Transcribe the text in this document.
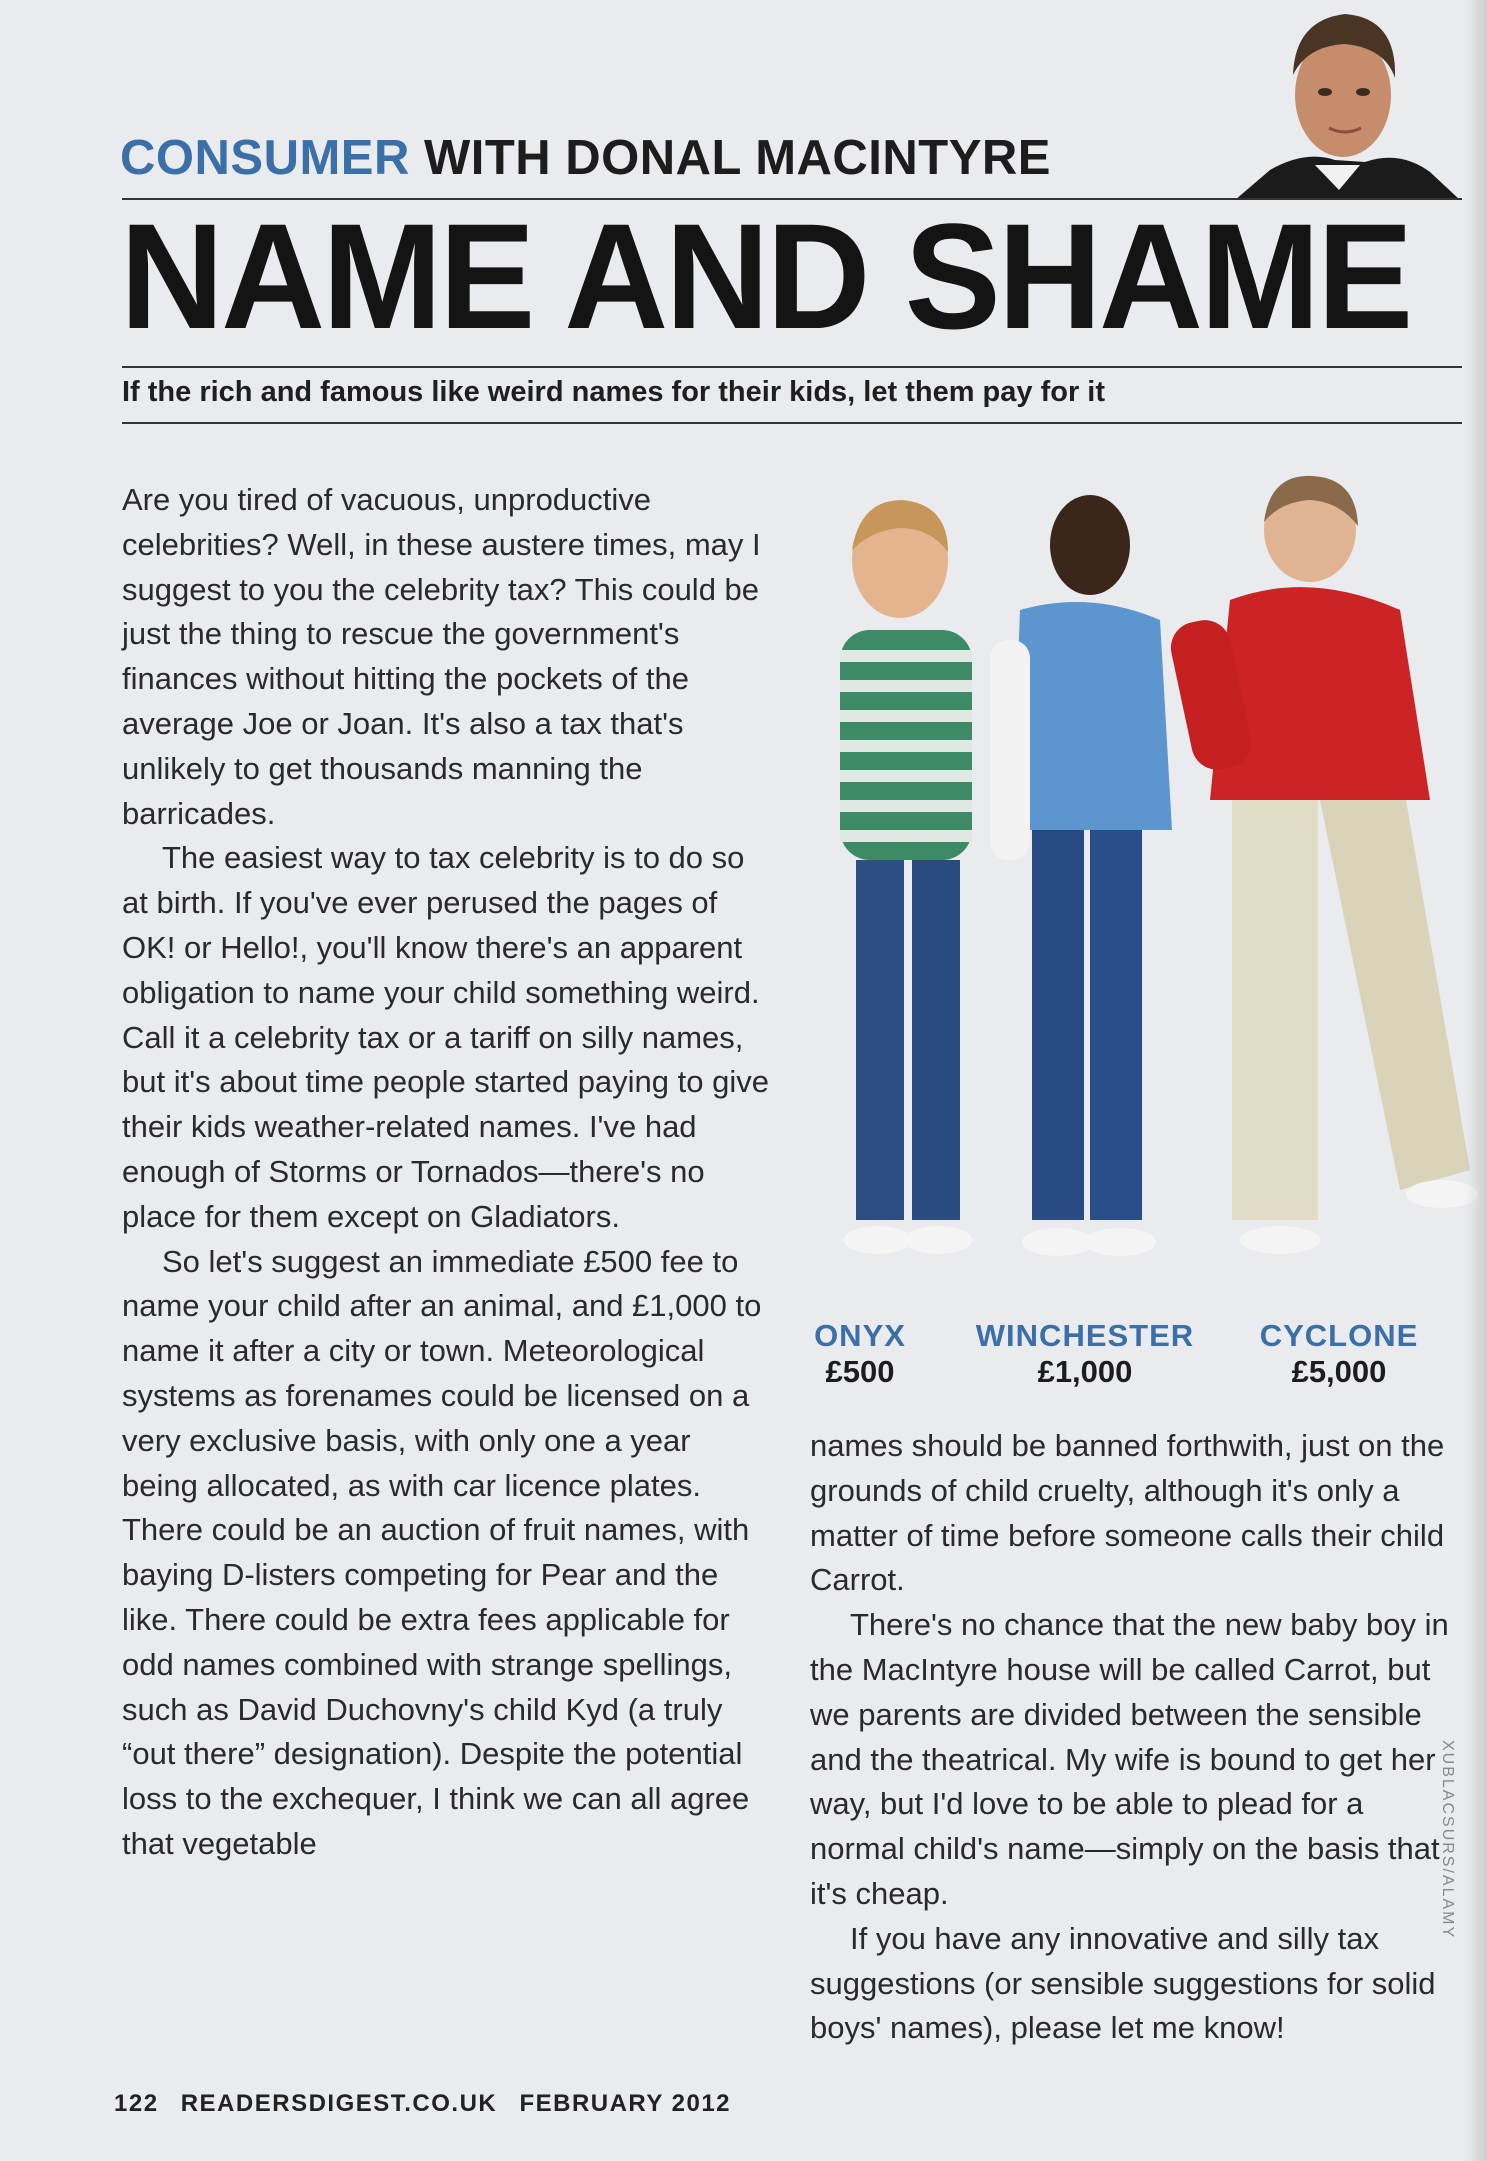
CONSUMER WITH DONAL MACINTYRE
NAME AND SHAME
If the rich and famous like weird names for their kids, let them pay for it

Are you tired of vacuous, unproductive celebrities? Well, in these austere times, may I suggest to you the celebrity tax? This could be just the thing to rescue the government's finances without hitting the pockets of the average Joe or Joan. It's also a tax that's unlikely to get thousands manning the barricades.

The easiest way to tax celebrity is to do so at birth. If you've ever perused the pages of OK! or Hello!, you'll know there's an apparent obligation to name your child something weird. Call it a celebrity tax or a tariff on silly names, but it's about time people started paying to give their kids weather-related names. I've had enough of Storms or Tornados—there's no place for them except on Gladiators.

So let's suggest an immediate £500 fee to name your child after an animal, and £1,000 to name it after a city or town. Meteorological systems as forenames could be licensed on a very exclusive basis, with only one a year being allocated, as with car licence plates. There could be an auction of fruit names, with baying D-listers competing for Pear and the like. There could be extra fees applicable for odd names combined with strange spellings, such as David Duchovny's child Kyd (a truly “out there” designation). Despite the potential loss to the exchequer, I think we can all agree that vegetable

ONYX
£500
WINCHESTER
£1,000
CYCLONE
£5,000

names should be banned forthwith, just on the grounds of child cruelty, although it's only a matter of time before someone calls their child Carrot.

There's no chance that the new baby boy in the MacIntyre house will be called Carrot, but we parents are divided between the sensible and the theatrical. My wife is bound to get her way, but I'd love to be able to plead for a normal child's name—simply on the basis that it's cheap.

If you have any innovative and silly tax suggestions (or sensible suggestions for solid boys' names), please let me know!

XUBLACSURS/ALAMY
122 READERSDIGEST.CO.UK FEBRUARY 2012
